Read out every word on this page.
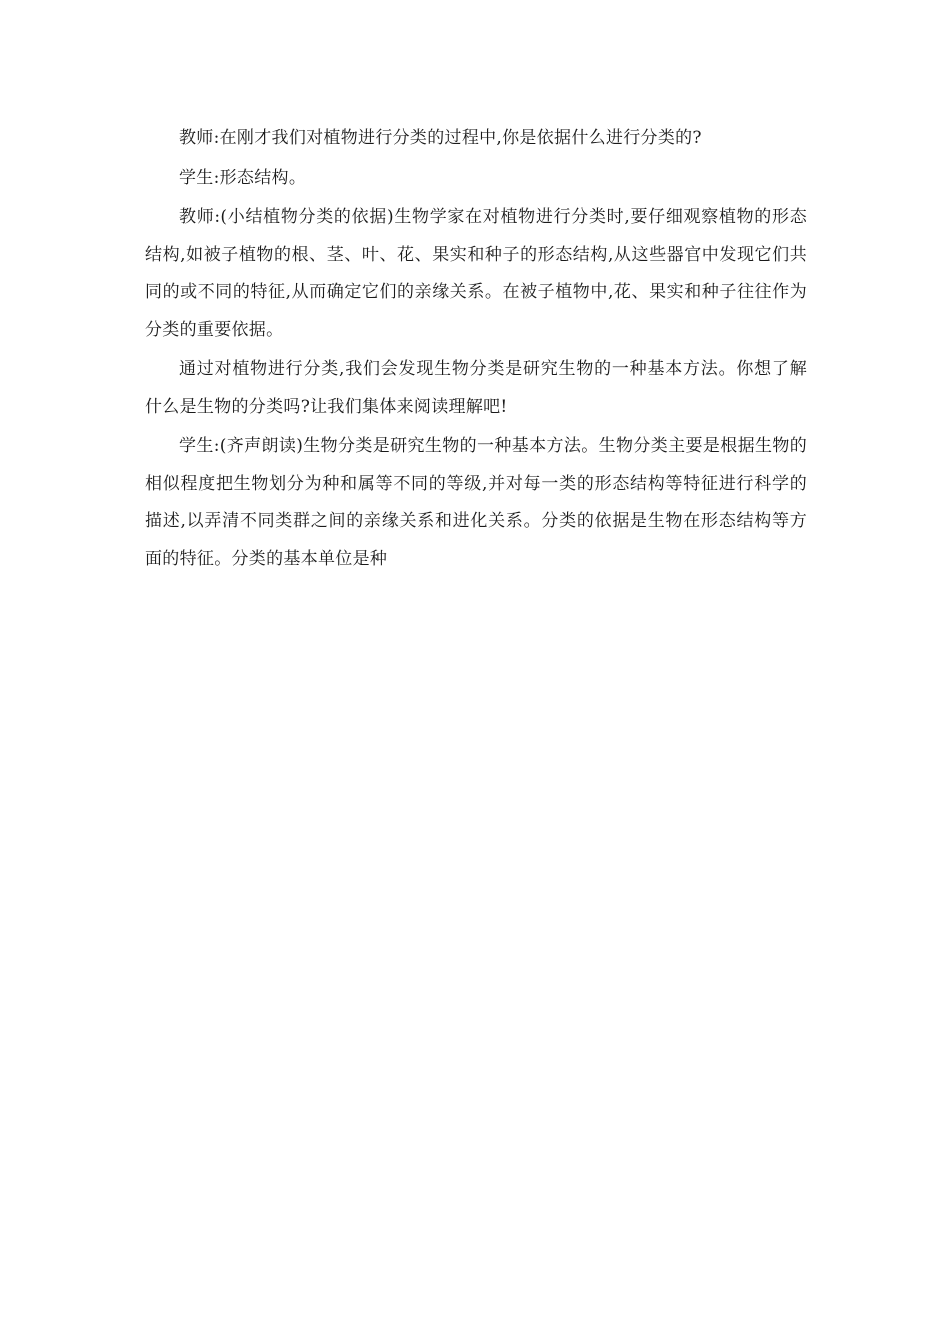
教师:在刚才我们对植物进行分类的过程中,你是依据什么进行分类的?

学生:形态结构。

教师:(小结植物分类的依据)生物学家在对植物进行分类时,要仔细观察植物的形态结构,如被子植物的根、茎、叶、花、果实和种子的形态结构,从这些器官中发现它们共同的或不同的特征,从而确定它们的亲缘关系。在被子植物中,花、果实和种子往往作为分类的重要依据。

通过对植物进行分类,我们会发现生物分类是研究生物的一种基本方法。你想了解什么是生物的分类吗?让我们集体来阅读理解吧!

学生:(齐声朗读)生物分类是研究生物的一种基本方法。生物分类主要是根据生物的相似程度把生物划分为种和属等不同的等级,并对每一类的形态结构等特征进行科学的描述,以弄清不同类群之间的亲缘关系和进化关系。分类的依据是生物在形态结构等方面的特征。分类的基本单位是种
